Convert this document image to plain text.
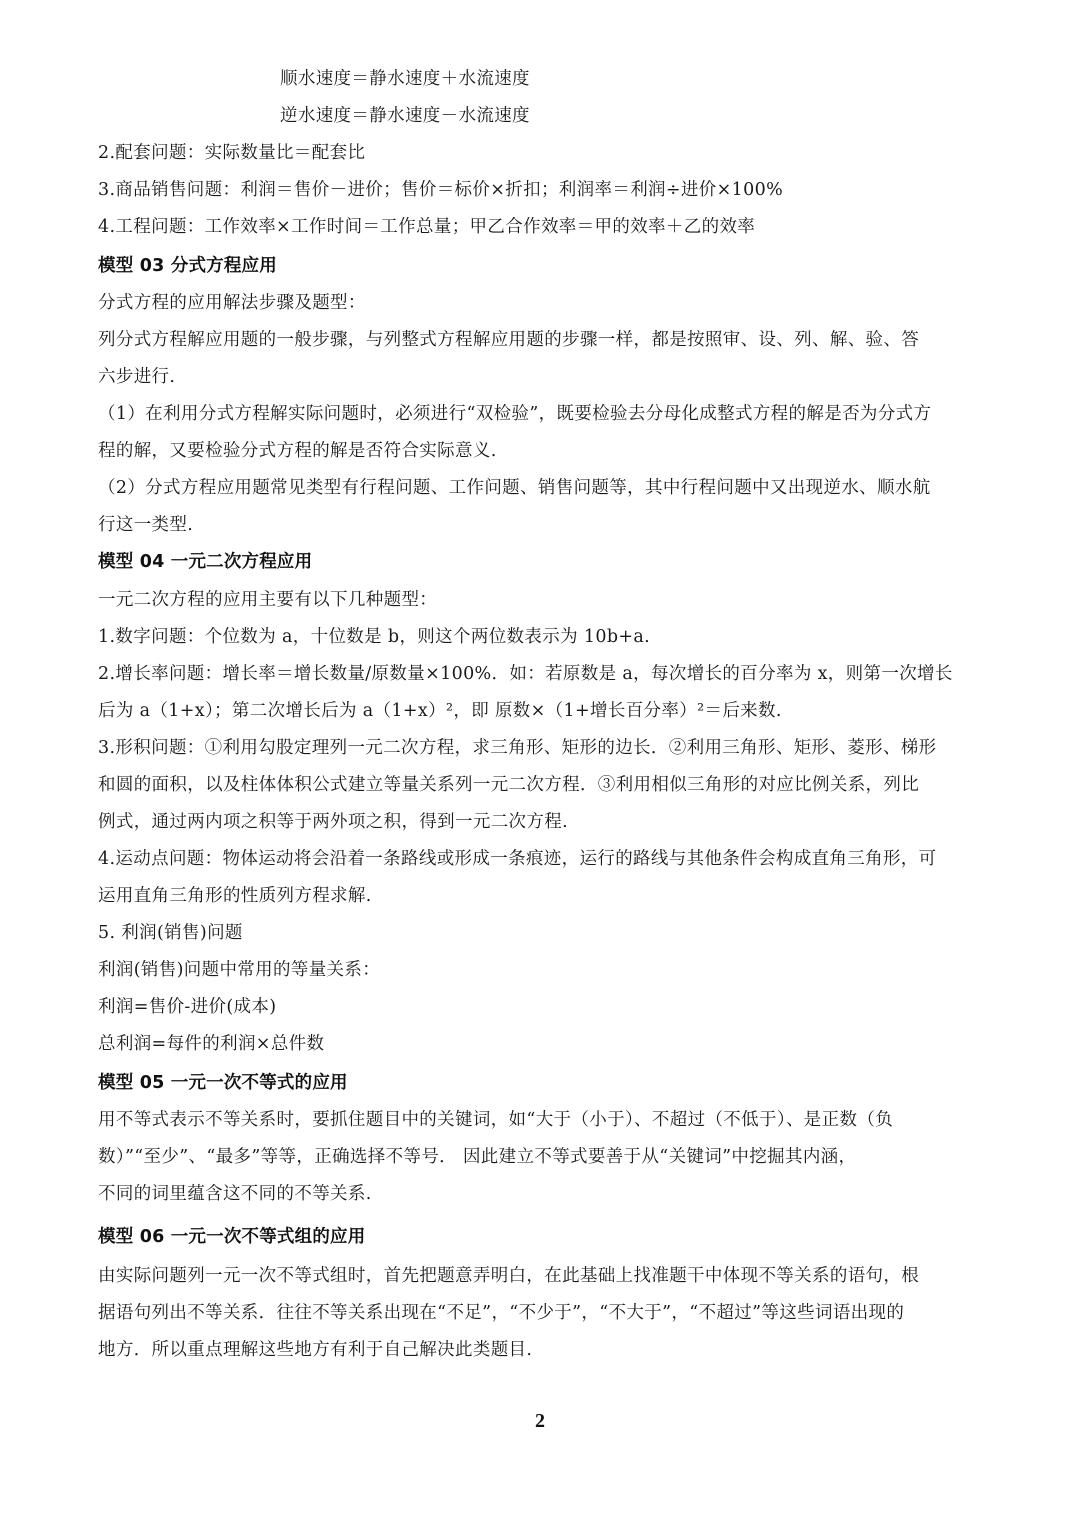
顺水速度＝静水速度＋水流速度
逆水速度＝静水速度－水流速度
2.配套问题：实际数量比＝配套比
3.商品销售问题：利润＝售价－进价；售价＝标价×折扣；利润率＝利润÷进价×100%
4.工程问题：工作效率×工作时间＝工作总量；甲乙合作效率＝甲的效率＋乙的效率
模型 03 分式方程应用
分式方程的应用解法步骤及题型：
列分式方程解应用题的一般步骤，与列整式方程解应用题的步骤一样，都是按照审、设、列、解、验、答
六步进行.
（1）在利用分式方程解实际问题时，必须进行“双检验”，既要检验去分母化成整式方程的解是否为分式方
程的解，又要检验分式方程的解是否符合实际意义.
（2）分式方程应用题常见类型有行程问题、工作问题、销售问题等，其中行程问题中又出现逆水、顺水航
行这一类型.
模型 04 一元二次方程应用
一元二次方程的应用主要有以下几种题型：
1.数字问题：个位数为 a，十位数是 b，则这个两位数表示为 10b+a.
2.增长率问题：增长率＝增长数量/原数量×100%．如：若原数是 a，每次增长的百分率为 x，则第一次增长
后为 a（1+x）；第二次增长后为 a（1+x）²，即 原数×（1+增长百分率）²＝后来数.
3.形积问题：①利用勾股定理列一元二次方程，求三角形、矩形的边长．②利用三角形、矩形、菱形、梯形
和圆的面积，以及柱体体积公式建立等量关系列一元二次方程．③利用相似三角形的对应比例关系，列比
例式，通过两内项之积等于两外项之积，得到一元二次方程.
4.运动点问题：物体运动将会沿着一条路线或形成一条痕迹，运行的路线与其他条件会构成直角三角形，可
运用直角三角形的性质列方程求解.
5. 利润(销售)问题
利润(销售)问题中常用的等量关系：
利润=售价-进价(成本)
总利润=每件的利润×总件数
模型 05 一元一次不等式的应用
用不等式表示不等关系时，要抓住题目中的关键词，如“大于（小于）、不超过（不低于）、是正数（负
数）”“至少”、“最多”等等，正确选择不等号． 因此建立不等式要善于从“关键词”中挖掘其内涵，
不同的词里蕴含这不同的不等关系.
模型 06 一元一次不等式组的应用
由实际问题列一元一次不等式组时，首先把题意弄明白，在此基础上找准题干中体现不等关系的语句，根
据语句列出不等关系．往往不等关系出现在“不足”，“不少于”，“不大于”，“不超过”等这些词语出现的
地方．所以重点理解这些地方有利于自己解决此类题目.
2
